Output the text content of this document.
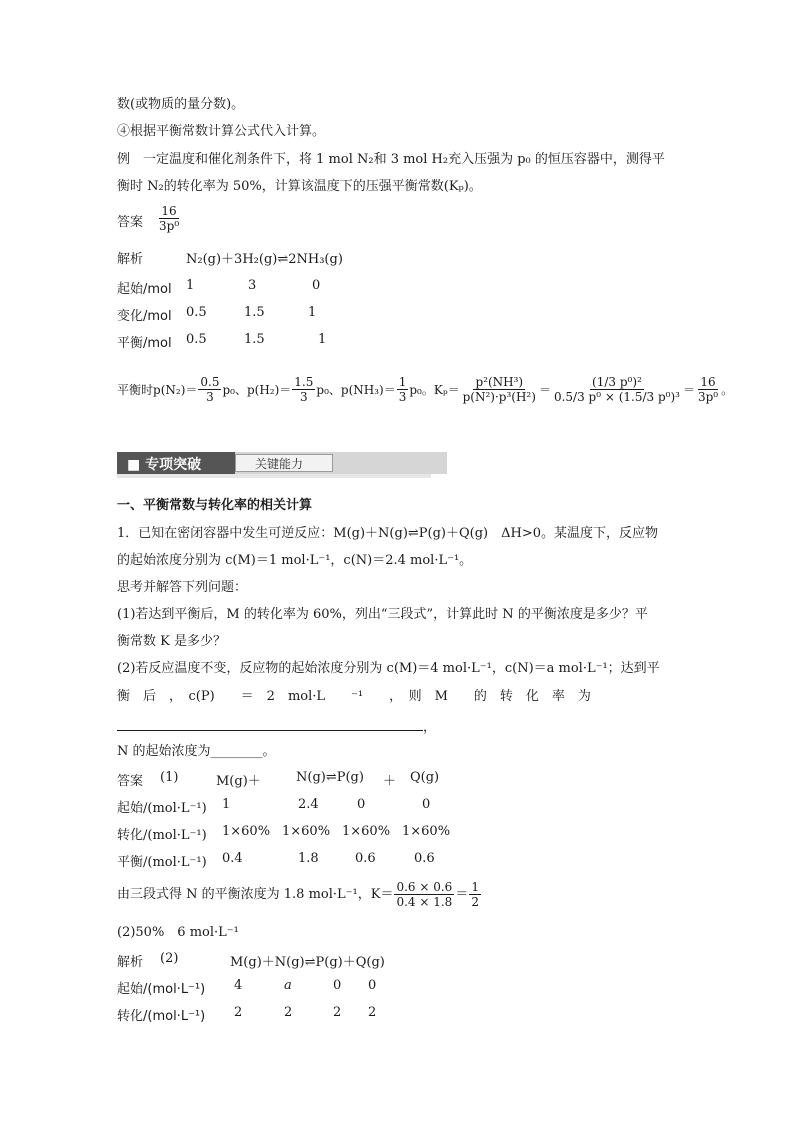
数(或物质的量分数)。
④根据平衡常数计算公式代入计算。
例　一定温度和催化剂条件下，将 1 mol N₂和 3 mol H₂充入压强为 p₀ 的恒压容器中，测得平
衡时 N₂的转化率为 50%，计算该温度下的压强平衡常数(Kₚ)。
答案 $\frac{16}{\text{3p⁰}}$
解析	N₂(g)＋3H₂(g)⇌2NH₃(g)
起始/mol 1	3	0
变化/mol 0.5	1.5	1
平衡/mol 0.5	1.5	1
平衡时 $p(N_2)= \frac{0.5}{3} p_0$ 、$p(H_2)= \frac{1.5}{3} p_0$ 、$p(NH_3)= \frac{1}{3} p_0$ 。$K_p= \frac{\text{p²(NH³)}}{\text{p(N²)·p³(H²)}} = \frac{\text{(1/3 p⁰)²}}{\text{0.5/3 p⁰ × (1.5/3 p⁰)³}} = \frac{16}{\text{3p⁰}}$ 。
■ 专项突破	关键能力
一、平衡常数与转化率的相关计算
1．已知在密闭容器中发生可逆反应：M(g)＋N(g)⇌P(g)＋Q(g)　ΔH>0。某温度下，反应物
的起始浓度分别为 c(M)＝1 mol·L⁻¹，c(N)＝2.4 mol·L⁻¹。
思考并解答下列问题：
(1)若达到平衡后，M 的转化率为 60%，列出“三段式”，计算此时 N 的平衡浓度是多少？平
衡常数 K 是多少？
(2)若反应温度不变，反应物的起始浓度分别为 c(M)＝4 mol·L⁻¹，c(N)＝a mol·L⁻¹；达到平
衡　后　，　c(P)　　＝　2　mol·L　　⁻¹　　，　则　M　　的　转　化　率　为
，
N 的起始浓度为________。
答案 (1)	M(g)＋	N(g)⇌P(g) ＋ Q(g)
起始/(mol·L⁻¹) 1	2.4	0	0
转化/(mol·L⁻¹) 1×60% 1×60% 1×60% 1×60%
平衡/(mol·L⁻¹) 0.4	1.8	0.6	0.6
由三段式得 N 的平衡浓度为 1.8 mol·L⁻¹，$K= \frac{0.6 \times 0.6}{0.4 \times 1.8} = \frac{1}{2}$
(2)50%　6 mol·L⁻¹
解析 (2)	M(g)＋N(g)⇌P(g)＋Q(g)
起始/(mol·L⁻¹) 4	a	0 0
转化/(mol·L⁻¹) 2	2	2 2
